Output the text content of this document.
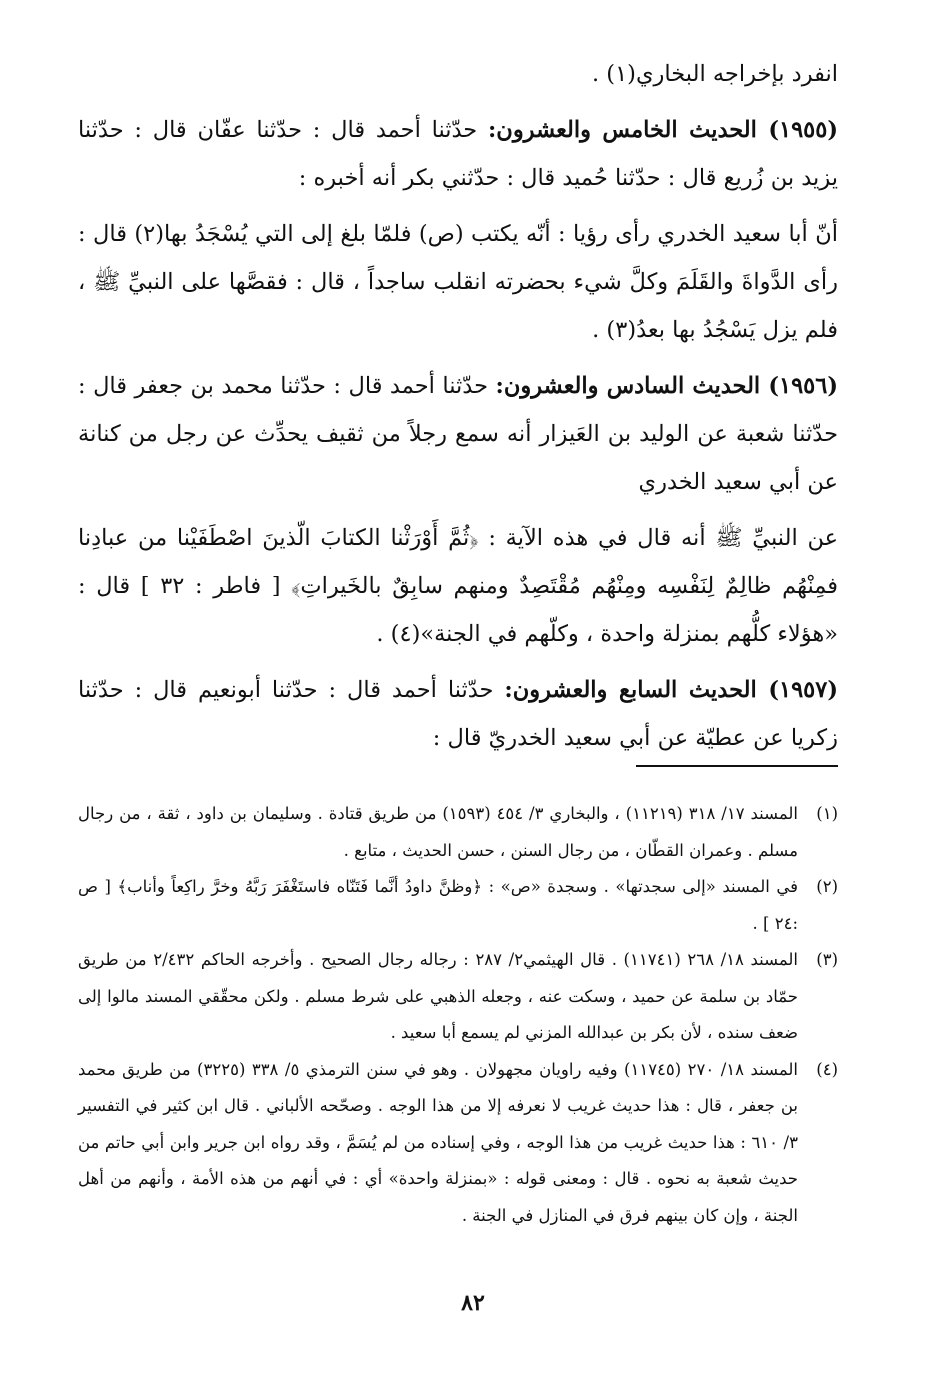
انفرد بإخراجه البخاري(١) .

(١٩٥٥) الحديث الخامس والعشرون: حدّثنا أحمد قال : حدّثنا عفّان قال : حدّثنا يزيد بن زُريع قال : حدّثنا حُميد قال : حدّثني بكر أنه أخبره :

أنّ أبا سعيد الخدري رأى رؤيا : أنّه يكتب (ص) فلمّا بلغ إلى التي يُسْجَدُ بها(٢) قال : رأى الدَّواةَ والقَلَمَ وكلَّ شيء بحضرته انقلب ساجداً ، قال : فقصَّها على النبيِّ ﷺ ، فلم يزل يَسْجُدُ بها بعدُ(٣) .

(١٩٥٦) الحديث السادس والعشرون: حدّثنا أحمد قال : حدّثنا محمد بن جعفر قال : حدّثنا شعبة عن الوليد بن العَيزار أنه سمع رجلاً من ثقيف يحدِّث عن رجل من كنانة عن أبي سعيد الخدري

عن النبيِّ ﷺ أنه قال في هذه الآية : ﴿ثُمَّ أَوْرَثْنا الكتابَ الّذينَ اصْطَفَيْنا من عبادِنا فمِنْهُم ظالِمٌ لِنَفْسِه ومِنْهُم مُقْتَصِدٌ ومنهم سابِقٌ بالخَيراتِ﴾ [ فاطر : ٣٢ ] قال : «هؤلاء كلُّهم بمنزلة واحدة ، وكلّهم في الجنة»(٤) .

(١٩٥٧) الحديث السابع والعشرون: حدّثنا أحمد قال : حدّثنا أبونعيم قال : حدّثنا زكريا عن عطيّة عن أبي سعيد الخدريّ قال :

(١)
المسند ١٧/ ٣١٨ (١١٢١٩) ، والبخاري ٣/ ٤٥٤ (١٥٩٣) من طريق قتادة . وسليمان بن داود ، ثقة ، من رجال مسلم . وعمران القطّان ، من رجال السنن ، حسن الحديث ، متابع .
(٢)
في المسند «إلى سجدتها» . وسجدة «ص» : ﴿وظنَّ داودُ أنَّما فَتَنّاه فاستَغْفَرَ رَبَّهُ وخرَّ راكِعاً وأناب﴾ [ ص :٢٤ ] .
(٣)
المسند ١٨/ ٢٦٨ (١١٧٤١) . قال الهيثمي٢/ ٢٨٧ : رجاله رجال الصحيح . وأخرجه الحاكم ٢/٤٣٢ من طريق حمّاد بن سلمة عن حميد ، وسكت عنه ، وجعله الذهبي على شرط مسلم . ولكن محقّقي المسند مالوا إلى ضعف سنده ، لأن بكر بن عبدالله المزني لم يسمع أبا سعيد .
(٤)
المسند ١٨/ ٢٧٠ (١١٧٤٥) وفيه راويان مجهولان . وهو في سنن الترمذي ٥/ ٣٣٨ (٣٢٢٥) من طريق محمد بن جعفر ، قال : هذا حديث غريب لا نعرفه إلا من هذا الوجه . وصحّحه الألباني . قال ابن كثير في التفسير ٣/ ٦١٠ : هذا حديث غريب من هذا الوجه ، وفي إسناده من لم يُسَمَّ ، وقد رواه ابن جرير وابن أبي حاتم من حديث شعبة به نحوه . قال : ومعنى قوله : «بمنزلة واحدة» أي : في أنهم من هذه الأمة ، وأنهم من أهل الجنة ، وإن كان بينهم فرق في المنازل في الجنة .
٨٢
